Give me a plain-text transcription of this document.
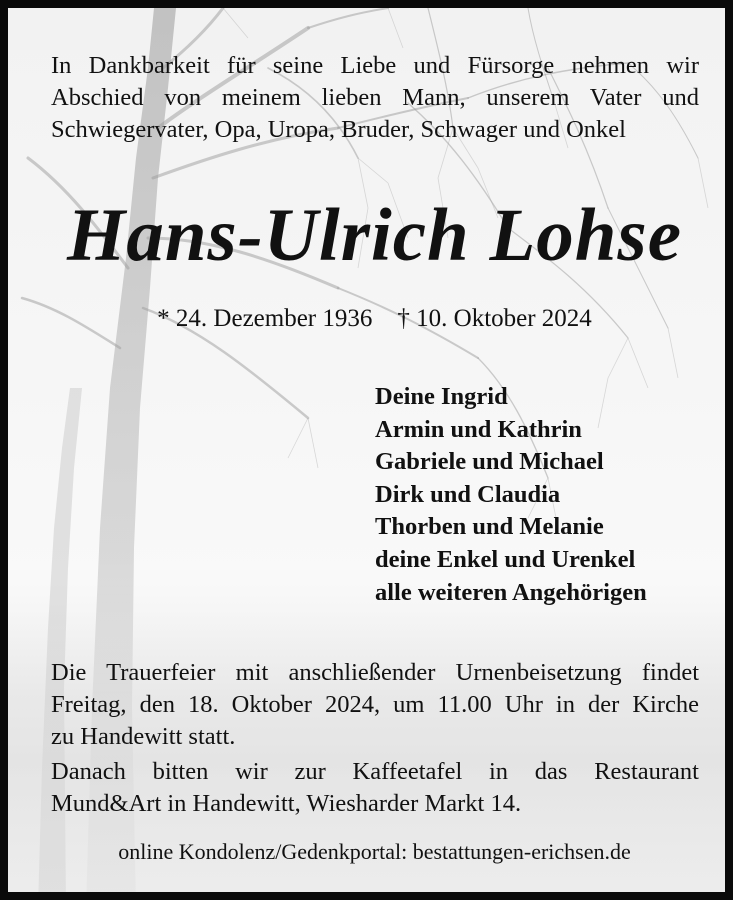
In Dankbarkeit für seine Liebe und Fürsorge nehmen wir
Abschied von meinem lieben Mann, unserem Vater und
Schwiegervater, Opa, Uropa, Bruder, Schwager und Onkel

Hans-Ulrich Lohse
* 24. Dezember 1936 † 10. Oktober 2024
Deine Ingrid
Armin und Kathrin
Gabriele und Michael
Dirk und Claudia
Thorben und Melanie
deine Enkel und Urenkel
alle weiteren Angehörigen

Die Trauerfeier mit anschließender Urnenbeisetzung findet
Freitag, den 18. Oktober 2024, um 11.00 Uhr in der Kirche
zu Handewitt statt.

Danach bitten wir zur Kaffeetafel in das Restaurant
Mund&Art in Handewitt, Wiesharder Markt 14.

online Kondolenz/Gedenkportal: bestattungen-erichsen.de
